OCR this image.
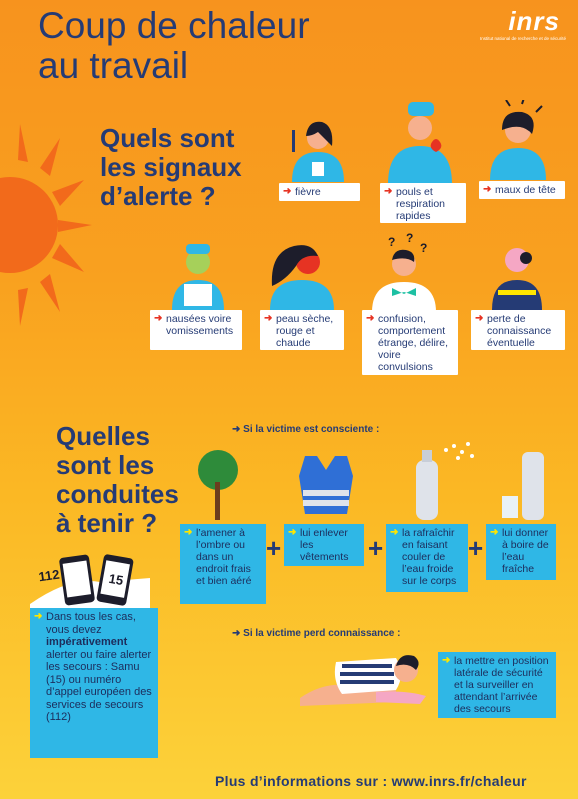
Coup de chaleur
au travail
inrs
Institut national de recherche et de sécurité
Quels sont
les signaux
d’alerte ?
? ?
?
➜ fièvre	➜ pouls et respiration rapides
➜ maux de tête
➜ nausées voire vomissements
➜ peau sèche, rouge et chaude
➜ confusion, comportement étrange, délire, voire convulsions
➜ perte de connaissance éventuelle
Quelles
sont les
conduites
à tenir ?
➜ Si la victime est consciente :
➜ l’amener à l’ombre ou dans un endroit frais et bien aéré
+
➜ lui enlever les vêtements +
➜ la rafraîchir en faisant couler de l’eau froide sur le corps
+
➜ lui donner à boire de l’eau fraîche
112	15
➜ Dans tous les cas, vous devez impérativement alerter ou faire alerter les secours : Samu (15) ou numéro d’appel européen des services de secours (112)
➜ Si la victime perd connaissance :
➜ la mettre en position latérale de sécurité et la surveiller en attendant l’arrivée des secours
Plus d’informations sur : www.inrs.fr/chaleur
